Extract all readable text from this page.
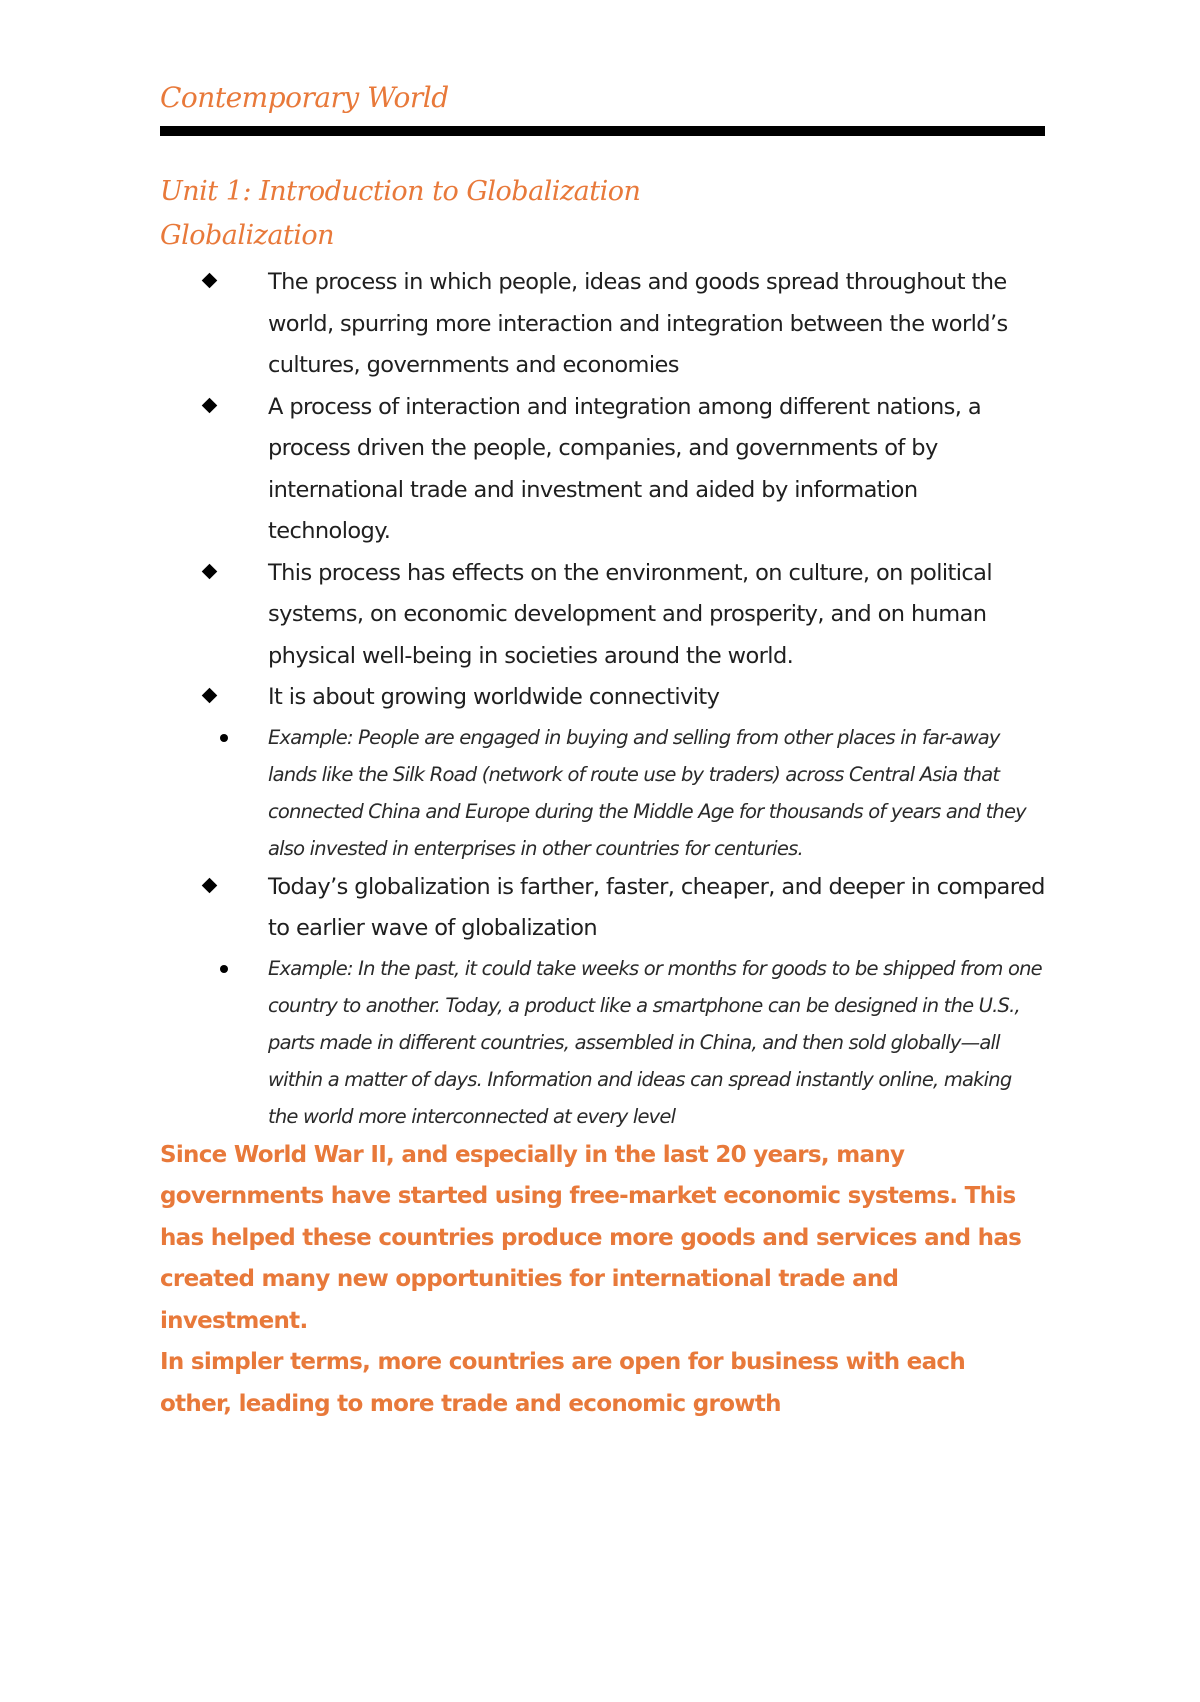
Contemporary World
Unit 1: Introduction to Globalization
Globalization
The process in which people, ideas and goods spread throughout the world, spurring more interaction and integration between the world’s cultures, governments and economies
A process of interaction and integration among different nations, a process driven the people, companies, and governments of by international trade and investment and aided by information technology.
This process has effects on the environment, on culture, on political systems, on economic development and prosperity, and on human physical well-being in societies around the world.
It is about growing worldwide connectivity
Example: People are engaged in buying and selling from other places in far-away lands like the Silk Road (network of route use by traders) across Central Asia that connected China and Europe during the Middle Age for thousands of years and they also invested in enterprises in other countries for centuries.
Today’s globalization is farther, faster, cheaper, and deeper in compared to earlier wave of globalization
Example: In the past, it could take weeks or months for goods to be shipped from one country to another. Today, a product like a smartphone can be designed in the U.S., parts made in different countries, assembled in China, and then sold globally—all within a matter of days. Information and ideas can spread instantly online, making the world more interconnected at every level

Since World War II, and especially in the last 20 years, many governments have started using free-market economic systems. This has helped these countries produce more goods and services and has created many new opportunities for international trade and investment.

In simpler terms, more countries are open for business with each other, leading to more trade and economic growth
